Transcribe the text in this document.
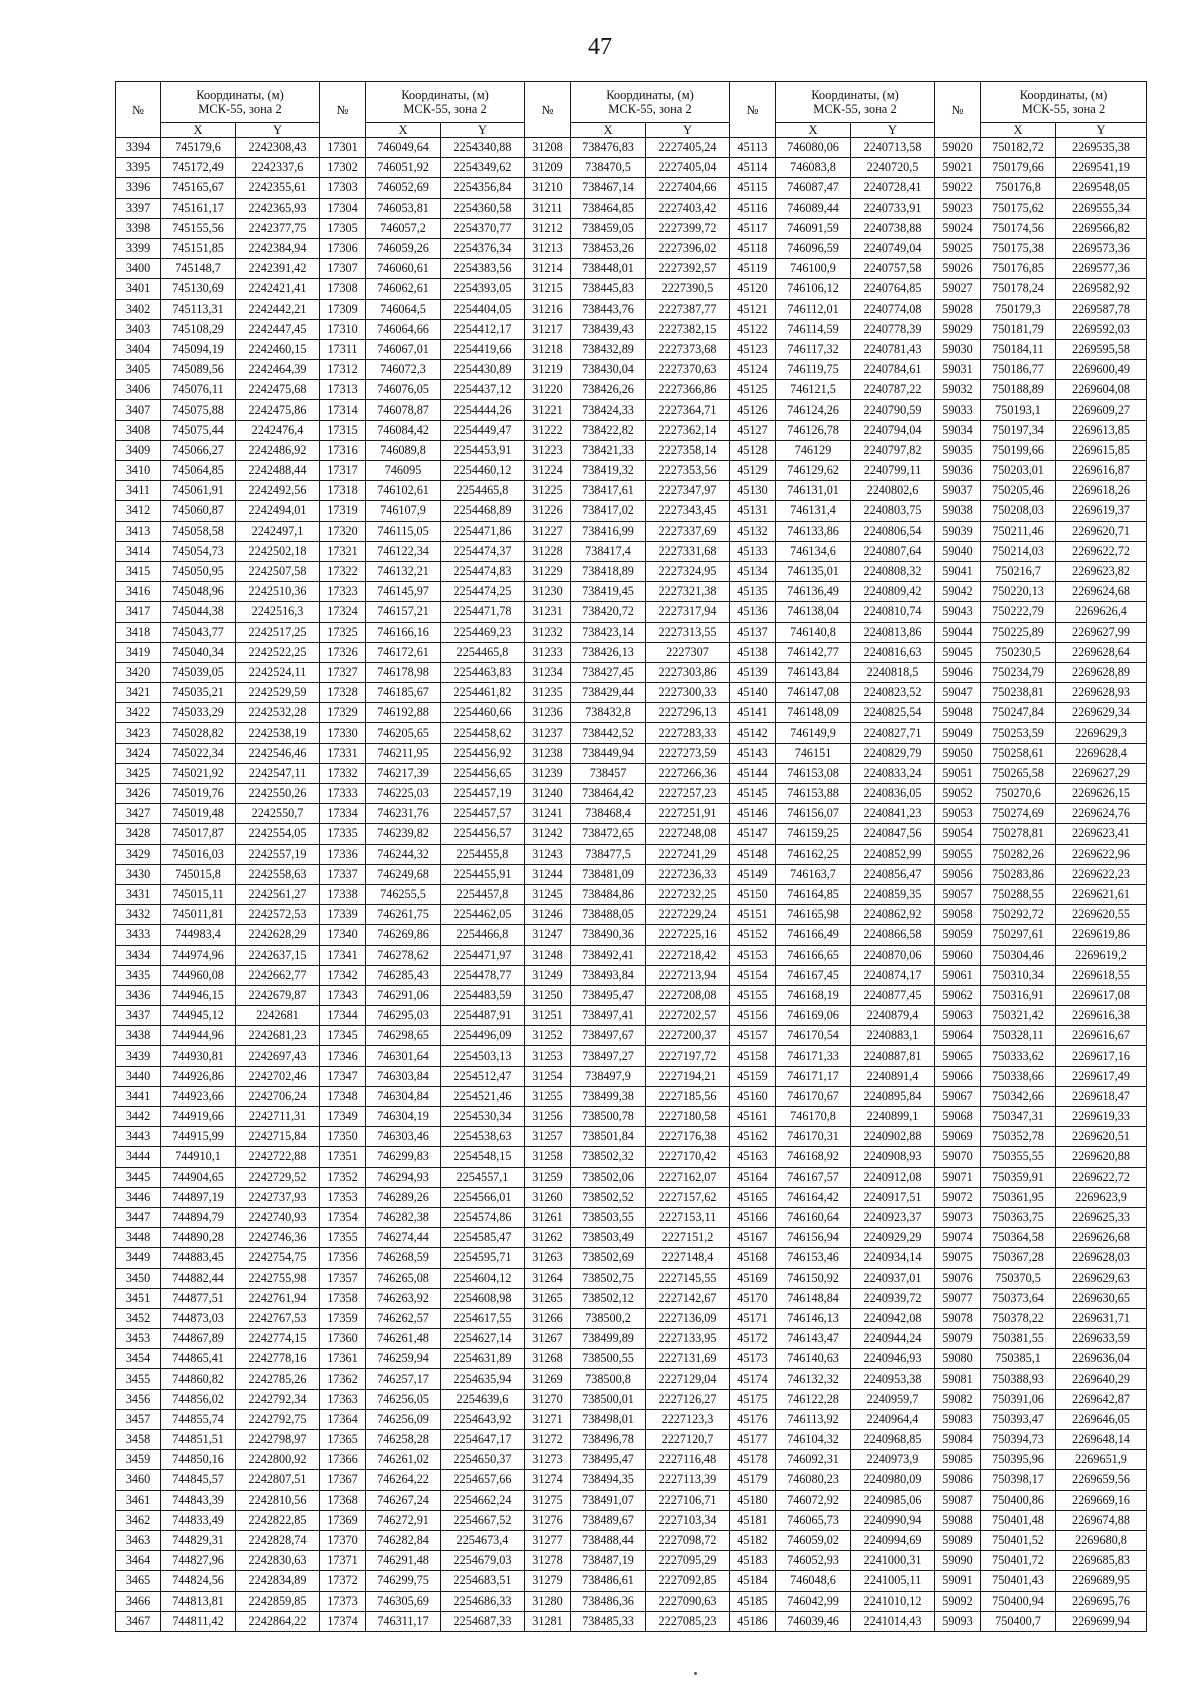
47
№	Координаты, (м)
МСК-55, зона 2		№	Координаты, (м)
МСК-55, зона 2		№	Координаты, (м)
МСК-55, зона 2		№	Координаты, (м)
МСК-55, зона 2		№	Координаты, (м)
МСК-55, зона 2	

	X	Y		X	Y		X	Y		X	Y		X	Y
3394	745179,6	2242308,43	17301	746049,64	2254340,88	31208	738476,83	2227405,24	45113	746080,06	2240713,58	59020	750182,72	2269535,38
3395	745172,49	2242337,6	17302	746051,92	2254349,62	31209	738470,5	2227405,04	45114	746083,8	2240720,5	59021	750179,66	2269541,19
3396	745165,67	2242355,61	17303	746052,69	2254356,84	31210	738467,14	2227404,66	45115	746087,47	2240728,41	59022	750176,8	2269548,05
3397	745161,17	2242365,93	17304	746053,81	2254360,58	31211	738464,85	2227403,42	45116	746089,44	2240733,91	59023	750175,62	2269555,34
3398	745155,56	2242377,75	17305	746057,2	2254370,77	31212	738459,05	2227399,72	45117	746091,59	2240738,88	59024	750174,56	2269566,82
3399	745151,85	2242384,94	17306	746059,26	2254376,34	31213	738453,26	2227396,02	45118	746096,59	2240749,04	59025	750175,38	2269573,36
3400	745148,7	2242391,42	17307	746060,61	2254383,56	31214	738448,01	2227392,57	45119	746100,9	2240757,58	59026	750176,85	2269577,36
3401	745130,69	2242421,41	17308	746062,61	2254393,05	31215	738445,83	2227390,5	45120	746106,12	2240764,85	59027	750178,24	2269582,92
3402	745113,31	2242442,21	17309	746064,5	2254404,05	31216	738443,76	2227387,77	45121	746112,01	2240774,08	59028	750179,3	2269587,78
3403	745108,29	2242447,45	17310	746064,66	2254412,17	31217	738439,43	2227382,15	45122	746114,59	2240778,39	59029	750181,79	2269592,03
3404	745094,19	2242460,15	17311	746067,01	2254419,66	31218	738432,89	2227373,68	45123	746117,32	2240781,43	59030	750184,11	2269595,58
3405	745089,56	2242464,39	17312	746072,3	2254430,89	31219	738430,04	2227370,63	45124	746119,75	2240784,61	59031	750186,77	2269600,49
3406	745076,11	2242475,68	17313	746076,05	2254437,12	31220	738426,26	2227366,86	45125	746121,5	2240787,22	59032	750188,89	2269604,08
3407	745075,88	2242475,86	17314	746078,87	2254444,26	31221	738424,33	2227364,71	45126	746124,26	2240790,59	59033	750193,1	2269609,27
3408	745075,44	2242476,4	17315	746084,42	2254449,47	31222	738422,82	2227362,14	45127	746126,78	2240794,04	59034	750197,34	2269613,85
3409	745066,27	2242486,92	17316	746089,8	2254453,91	31223	738421,33	2227358,14	45128	746129	2240797,82	59035	750199,66	2269615,85
3410	745064,85	2242488,44	17317	746095	2254460,12	31224	738419,32	2227353,56	45129	746129,62	2240799,11	59036	750203,01	2269616,87
3411	745061,91	2242492,56	17318	746102,61	2254465,8	31225	738417,61	2227347,97	45130	746131,01	2240802,6	59037	750205,46	2269618,26
3412	745060,87	2242494,01	17319	746107,9	2254468,89	31226	738417,02	2227343,45	45131	746131,4	2240803,75	59038	750208,03	2269619,37
3413	745058,58	2242497,1	17320	746115,05	2254471,86	31227	738416,99	2227337,69	45132	746133,86	2240806,54	59039	750211,46	2269620,71
3414	745054,73	2242502,18	17321	746122,34	2254474,37	31228	738417,4	2227331,68	45133	746134,6	2240807,64	59040	750214,03	2269622,72
3415	745050,95	2242507,58	17322	746132,21	2254474,83	31229	738418,89	2227324,95	45134	746135,01	2240808,32	59041	750216,7	2269623,82
3416	745048,96	2242510,36	17323	746145,97	2254474,25	31230	738419,45	2227321,38	45135	746136,49	2240809,42	59042	750220,13	2269624,68
3417	745044,38	2242516,3	17324	746157,21	2254471,78	31231	738420,72	2227317,94	45136	746138,04	2240810,74	59043	750222,79	2269626,4
3418	745043,77	2242517,25	17325	746166,16	2254469,23	31232	738423,14	2227313,55	45137	746140,8	2240813,86	59044	750225,89	2269627,99
3419	745040,34	2242522,25	17326	746172,61	2254465,8	31233	738426,13	2227307	45138	746142,77	2240816,63	59045	750230,5	2269628,64
3420	745039,05	2242524,11	17327	746178,98	2254463,83	31234	738427,45	2227303,86	45139	746143,84	2240818,5	59046	750234,79	2269628,89
3421	745035,21	2242529,59	17328	746185,67	2254461,82	31235	738429,44	2227300,33	45140	746147,08	2240823,52	59047	750238,81	2269628,93
3422	745033,29	2242532,28	17329	746192,88	2254460,66	31236	738432,8	2227296,13	45141	746148,09	2240825,54	59048	750247,84	2269629,34
3423	745028,82	2242538,19	17330	746205,65	2254458,62	31237	738442,52	2227283,33	45142	746149,9	2240827,71	59049	750253,59	2269629,3
3424	745022,34	2242546,46	17331	746211,95	2254456,92	31238	738449,94	2227273,59	45143	746151	2240829,79	59050	750258,61	2269628,4
3425	745021,92	2242547,11	17332	746217,39	2254456,65	31239	738457	2227266,36	45144	746153,08	2240833,24	59051	750265,58	2269627,29
3426	745019,76	2242550,26	17333	746225,03	2254457,19	31240	738464,42	2227257,23	45145	746153,88	2240836,05	59052	750270,6	2269626,15
3427	745019,48	2242550,7	17334	746231,76	2254457,57	31241	738468,4	2227251,91	45146	746156,07	2240841,23	59053	750274,69	2269624,76
3428	745017,87	2242554,05	17335	746239,82	2254456,57	31242	738472,65	2227248,08	45147	746159,25	2240847,56	59054	750278,81	2269623,41
3429	745016,03	2242557,19	17336	746244,32	2254455,8	31243	738477,5	2227241,29	45148	746162,25	2240852,99	59055	750282,26	2269622,96
3430	745015,8	2242558,63	17337	746249,68	2254455,91	31244	738481,09	2227236,33	45149	746163,7	2240856,47	59056	750283,86	2269622,23
3431	745015,11	2242561,27	17338	746255,5	2254457,8	31245	738484,86	2227232,25	45150	746164,85	2240859,35	59057	750288,55	2269621,61
3432	745011,81	2242572,53	17339	746261,75	2254462,05	31246	738488,05	2227229,24	45151	746165,98	2240862,92	59058	750292,72	2269620,55
3433	744983,4	2242628,29	17340	746269,86	2254466,8	31247	738490,36	2227225,16	45152	746166,49	2240866,58	59059	750297,61	2269619,86
3434	744974,96	2242637,15	17341	746278,62	2254471,97	31248	738492,41	2227218,42	45153	746166,65	2240870,06	59060	750304,46	2269619,2
3435	744960,08	2242662,77	17342	746285,43	2254478,77	31249	738493,84	2227213,94	45154	746167,45	2240874,17	59061	750310,34	2269618,55
3436	744946,15	2242679,87	17343	746291,06	2254483,59	31250	738495,47	2227208,08	45155	746168,19	2240877,45	59062	750316,91	2269617,08
3437	744945,12	2242681	17344	746295,03	2254487,91	31251	738497,41	2227202,57	45156	746169,06	2240879,4	59063	750321,42	2269616,38
3438	744944,96	2242681,23	17345	746298,65	2254496,09	31252	738497,67	2227200,37	45157	746170,54	2240883,1	59064	750328,11	2269616,67
3439	744930,81	2242697,43	17346	746301,64	2254503,13	31253	738497,27	2227197,72	45158	746171,33	2240887,81	59065	750333,62	2269617,16
3440	744926,86	2242702,46	17347	746303,84	2254512,47	31254	738497,9	2227194,21	45159	746171,17	2240891,4	59066	750338,66	2269617,49
3441	744923,66	2242706,24	17348	746304,84	2254521,46	31255	738499,38	2227185,56	45160	746170,67	2240895,84	59067	750342,66	2269618,47
3442	744919,66	2242711,31	17349	746304,19	2254530,34	31256	738500,78	2227180,58	45161	746170,8	2240899,1	59068	750347,31	2269619,33
3443	744915,99	2242715,84	17350	746303,46	2254538,63	31257	738501,84	2227176,38	45162	746170,31	2240902,88	59069	750352,78	2269620,51
3444	744910,1	2242722,88	17351	746299,83	2254548,15	31258	738502,32	2227170,42	45163	746168,92	2240908,93	59070	750355,55	2269620,88
3445	744904,65	2242729,52	17352	746294,93	2254557,1	31259	738502,06	2227162,07	45164	746167,57	2240912,08	59071	750359,91	2269622,72
3446	744897,19	2242737,93	17353	746289,26	2254566,01	31260	738502,52	2227157,62	45165	746164,42	2240917,51	59072	750361,95	2269623,9
3447	744894,79	2242740,93	17354	746282,38	2254574,86	31261	738503,55	2227153,11	45166	746160,64	2240923,37	59073	750363,75	2269625,33
3448	744890,28	2242746,36	17355	746274,44	2254585,47	31262	738503,49	2227151,2	45167	746156,94	2240929,29	59074	750364,58	2269626,68
3449	744883,45	2242754,75	17356	746268,59	2254595,71	31263	738502,69	2227148,4	45168	746153,46	2240934,14	59075	750367,28	2269628,03
3450	744882,44	2242755,98	17357	746265,08	2254604,12	31264	738502,75	2227145,55	45169	746150,92	2240937,01	59076	750370,5	2269629,63
3451	744877,51	2242761,94	17358	746263,92	2254608,98	31265	738502,12	2227142,67	45170	746148,84	2240939,72	59077	750373,64	2269630,65
3452	744873,03	2242767,53	17359	746262,57	2254617,55	31266	738500,2	2227136,09	45171	746146,13	2240942,08	59078	750378,22	2269631,71
3453	744867,89	2242774,15	17360	746261,48	2254627,14	31267	738499,89	2227133,95	45172	746143,47	2240944,24	59079	750381,55	2269633,59
3454	744865,41	2242778,16	17361	746259,94	2254631,89	31268	738500,55	2227131,69	45173	746140,63	2240946,93	59080	750385,1	2269636,04
3455	744860,82	2242785,26	17362	746257,17	2254635,94	31269	738500,8	2227129,04	45174	746132,32	2240953,38	59081	750388,93	2269640,29
3456	744856,02	2242792,34	17363	746256,05	2254639,6	31270	738500,01	2227126,27	45175	746122,28	2240959,7	59082	750391,06	2269642,87
3457	744855,74	2242792,75	17364	746256,09	2254643,92	31271	738498,01	2227123,3	45176	746113,92	2240964,4	59083	750393,47	2269646,05
3458	744851,51	2242798,97	17365	746258,28	2254647,17	31272	738496,78	2227120,7	45177	746104,32	2240968,85	59084	750394,73	2269648,14
3459	744850,16	2242800,92	17366	746261,02	2254650,37	31273	738495,47	2227116,48	45178	746092,31	2240973,9	59085	750395,96	2269651,9
3460	744845,57	2242807,51	17367	746264,22	2254657,66	31274	738494,35	2227113,39	45179	746080,23	2240980,09	59086	750398,17	2269659,56
3461	744843,39	2242810,56	17368	746267,24	2254662,24	31275	738491,07	2227106,71	45180	746072,92	2240985,06	59087	750400,86	2269669,16
3462	744833,49	2242822,85	17369	746272,91	2254667,52	31276	738489,67	2227103,34	45181	746065,73	2240990,94	59088	750401,48	2269674,88
3463	744829,31	2242828,74	17370	746282,84	2254673,4	31277	738488,44	2227098,72	45182	746059,02	2240994,69	59089	750401,52	2269680,8
3464	744827,96	2242830,63	17371	746291,48	2254679,03	31278	738487,19	2227095,29	45183	746052,93	2241000,31	59090	750401,72	2269685,83
3465	744824,56	2242834,89	17372	746299,75	2254683,51	31279	738486,61	2227092,85	45184	746048,6	2241005,11	59091	750401,43	2269689,95
3466	744813,81	2242859,85	17373	746305,69	2254686,33	31280	738486,36	2227090,63	45185	746042,99	2241010,12	59092	750400,94	2269695,76
3467	744811,42	2242864,22	17374	746311,17	2254687,33	31281	738485,33	2227085,23	45186	746039,46	2241014,43	59093	750400,7	2269699,94
